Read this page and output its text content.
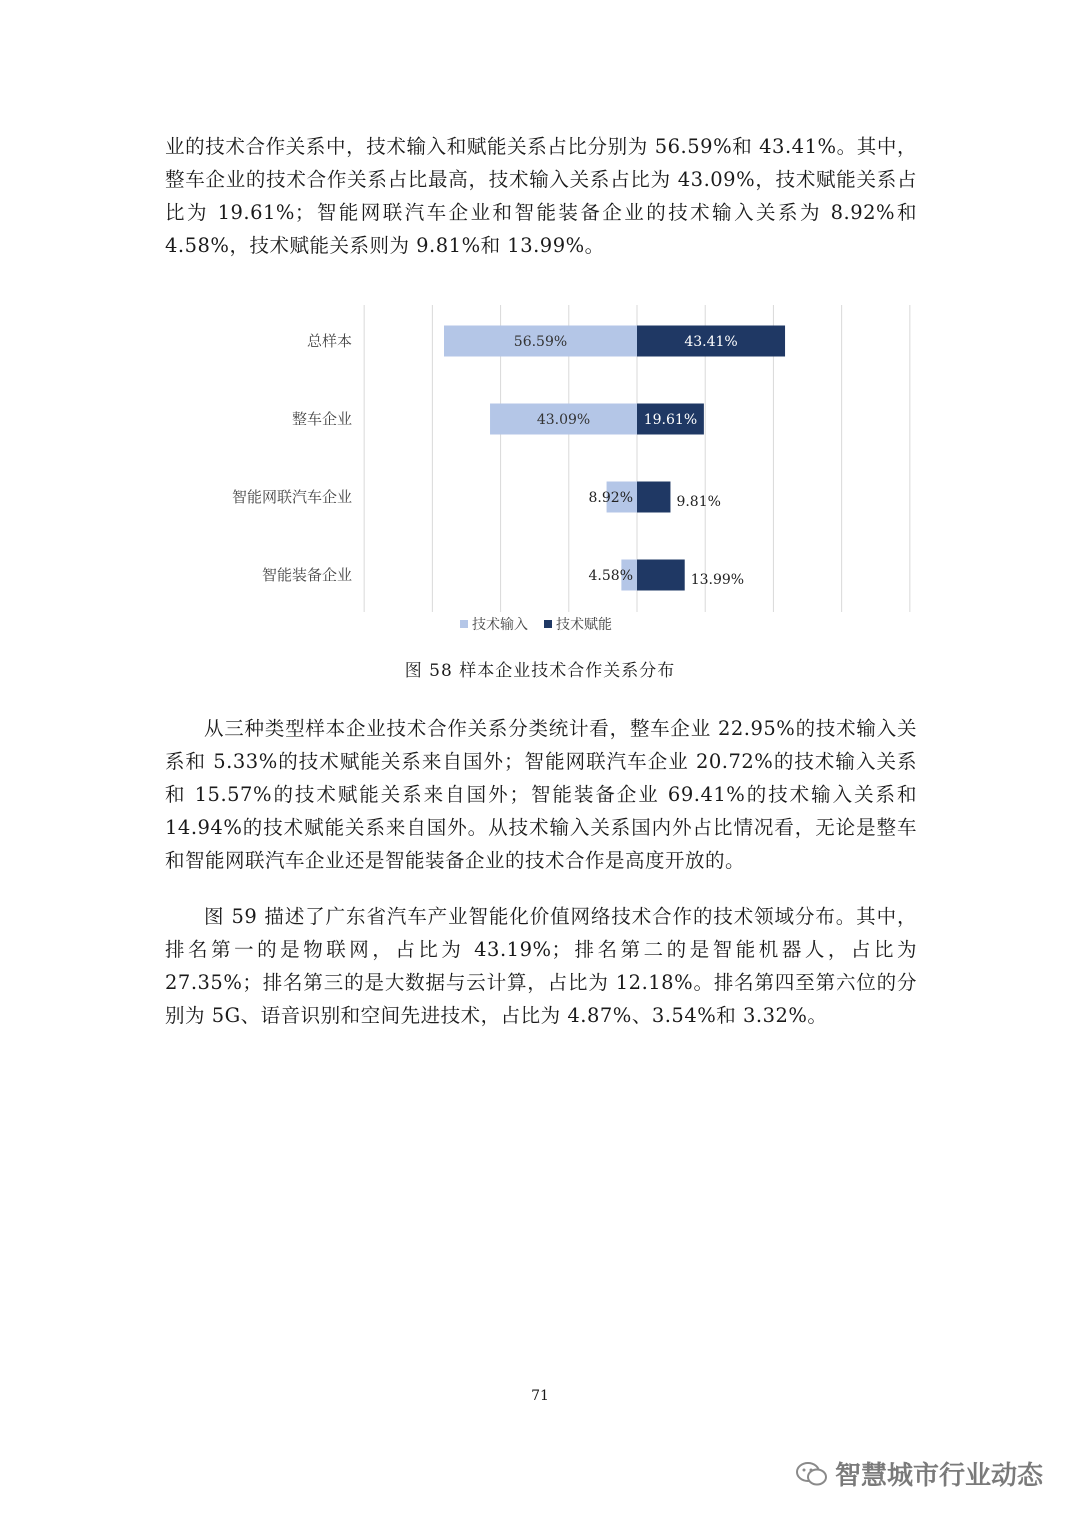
业的技术合作关系中，技术输入和赋能关系占比分别为 56.59%和 43.41%。其中，整车企业的技术合作关系占比最高，技术输入关系占比为 43.09%，技术赋能关系占比为 19.61%；智能网联汽车企业和智能装备企业的技术输入关系为 8.92%和 4.58%，技术赋能关系则为 9.81%和 13.99%。

总样本
整车企业
智能网联汽车企业
智能装备企业
56.59%	43.41%
43.09%	19.61%
8.92%	9.81%
4.58%	13.99%
技术输入 技术赋能
图 58 样本企业技术合作关系分布

从三种类型样本企业技术合作关系分类统计看，整车企业 22.95%的技术输入关系和 5.33%的技术赋能关系来自国外；智能网联汽车企业 20.72%的技术输入关系和 15.57%的技术赋能关系来自国外；智能装备企业 69.41%的技术输入关系和 14.94%的技术赋能关系来自国外。从技术输入关系国内外占比情况看，无论是整车和智能网联汽车企业还是智能装备企业的技术合作是高度开放的。

图 59 描述了广东省汽车产业智能化价值网络技术合作的技术领域分布。其中，排名第一的是物联网，占比为 43.19%；排名第二的是智能机器人，占比为 27.35%；排名第三的是大数据与云计算，占比为 12.18%。排名第四至第六位的分别为 5G、语音识别和空间先进技术，占比为 4.87%、3.54%和 3.32%。

71
智慧城市行业动态
